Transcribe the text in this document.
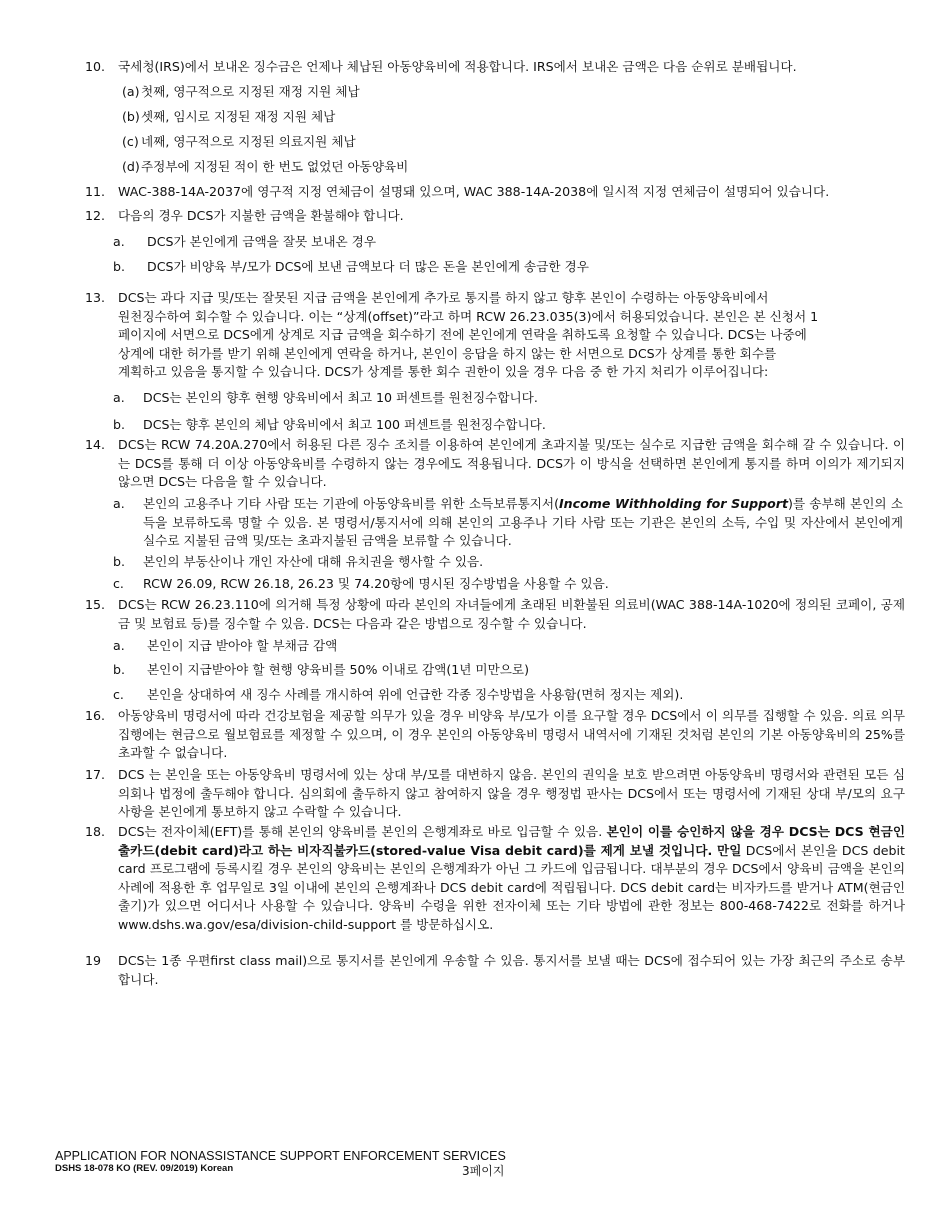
10. 국세청(IRS)에서 보내온 징수금은 언제나 체납된 아동양육비에 적용합니다. IRS에서 보내온 금액은 다음 순위로 분배됩니다.
(a) 첫째, 영구적으로 지정된 재정 지원 체납
(b) 셋째, 임시로 지정된 재정 지원 체납
(c) 네째, 영구적으로 지정된 의료지원 체납
(d) 주정부에 지정된 적이 한 번도 없었던 아동양육비
11. WAC-388-14A-2037에 영구적 지정 연체금이 설명돼 있으며, WAC 388-14A-2038에 일시적 지정 연체금이 설명되어 있습니다.
12. 다음의 경우 DCS가 지불한 금액을 환불해야 합니다.
a. DCS가 본인에게 금액을 잘못 보내온 경우
b. DCS가 비양육 부/모가 DCS에 보낸 금액보다 더 많은 돈을 본인에게 송금한 경우
13. DCS는 과다 지급 및/또는 잘못된 지급 금액을 본인에게 추가로 통지를 하지 않고 향후 본인이 수령하는 아동양육비에서
원천징수하여 회수할 수 있습니다. 이는 “상계(offset)”라고 하며 RCW 26.23.035(3)에서 허용되었습니다. 본인은 본 신청서 1
페이지에 서면으로 DCS에게 상계로 지급 금액을 회수하기 전에 본인에게 연락을 취하도록 요청할 수 있습니다. DCS는 나중에
상계에 대한 허가를 받기 위해 본인에게 연락을 하거나, 본인이 응답을 하지 않는 한 서면으로 DCS가 상계를 통한 회수를
계획하고 있음을 통지할 수 있습니다. DCS가 상계를 통한 회수 권한이 있을 경우 다음 중 한 가지 처리가 이루어집니다:
a. DCS는 본인의 향후 현행 양육비에서 최고 10 퍼센트를 원천징수합니다.
b. DCS는 향후 본인의 체납 양육비에서 최고 100 퍼센트를 원천징수합니다.
14. DCS는 RCW 74.20A.270에서 허용된 다른 징수 조치를 이용하여 본인에게 초과지불 및/또는 실수로 지급한 금액을 회수해 갈 수 있습니다. 이는 DCS를 통해 더 이상 아동양육비를 수령하지 않는 경우에도 적용됩니다. DCS가 이 방식을 선택하면 본인에게 통지를 하며 이의가 제기되지 않으면 DCS는 다음을 할 수 있습니다.
a. 본인의 고용주나 기타 사람 또는 기관에 아동양육비를 위한 소득보류통지서(Income Withholding for Support)를 송부해 본인의 소득을 보류하도록 명할 수 있음. 본 명령서/통지서에 의해 본인의 고용주나 기타 사람 또는 기관은 본인의 소득, 수입 및 자산에서 본인에게 실수로 지불된 금액 및/또는 초과지불된 금액을 보류할 수 있습니다.
b. 본인의 부동산이나 개인 자산에 대해 유치권을 행사할 수 있음.
c. RCW 26.09, RCW 26.18, 26.23 및 74.20항에 명시된 징수방법을 사용할 수 있음.
15. DCS는 RCW 26.23.110에 의거해 특정 상황에 따라 본인의 자녀들에게 초래된 비환불된 의료비(WAC 388-14A-1020에 정의된 코페이, 공제금 및 보험료 등)를 징수할 수 있음. DCS는 다음과 같은 방법으로 징수할 수 있습니다.
a. 본인이 지급 받아야 할 부채금 감액
b. 본인이 지급받아야 할 현행 양육비를 50% 이내로 감액(1년 미만으로)
c. 본인을 상대하여 새 징수 사례를 개시하여 위에 언급한 각종 징수방법을 사용함(면허 정지는 제외).
16. 아동양육비 명령서에 따라 건강보험을 제공할 의무가 있을 경우 비양육 부/모가 이를 요구할 경우 DCS에서 이 의무를 집행할 수 있음. 의료 의무 집행에는 현금으로 월보험료를 제정할 수 있으며, 이 경우 본인의 아동양육비 명령서 내역서에 기재된 것처럼 본인의 기본 아동양육비의 25%를 초과할 수 없습니다.
17. DCS 는 본인을 또는 아동양육비 명령서에 있는 상대 부/모를 대변하지 않음. 본인의 권익을 보호 받으려면 아동양육비 명령서와 관련된 모든 심의회나 법정에 출두해야 합니다. 심의회에 출두하지 않고 참여하지 않을 경우 행정법 판사는 DCS에서 또는 명령서에 기재된 상대 부/모의 요구사항을 본인에게 통보하지 않고 수락할 수 있습니다.
18. DCS는 전자이체(EFT)를 통해 본인의 양육비를 본인의 은행계좌로 바로 입금할 수 있음. 본인이 이를 승인하지 않을 경우 DCS는 DCS 현금인출카드(debit card)라고 하는 비자직불카드(stored-value Visa debit card)를 제게 보낼 것입니다. 만일 DCS에서 본인을 DCS debit card 프로그램에 등록시킬 경우 본인의 양육비는 본인의 은행계좌가 아닌 그 카드에 입금됩니다. 대부분의 경우 DCS에서 양육비 금액을 본인의 사례에 적용한 후 업무일로 3일 이내에 본인의 은행계좌나 DCS debit card에 적립됩니다. DCS debit card는 비자카드를 받거나 ATM(현금인출기)가 있으면 어디서나 사용할 수 있습니다. 양육비 수령을 위한 전자이체 또는 기타 방법에 관한 정보는 800-468-7422로 전화를 하거나 www.dshs.wa.gov/esa/division-child-support 를 방문하십시오.
19 DCS는 1종 우편first class mail)으로 통지서를 본인에게 우송할 수 있음. 통지서를 보낼 때는 DCS에 접수되어 있는 가장 최근의 주소로 송부합니다.
APPLICATION FOR NONASSISTANCE SUPPORT ENFORCEMENT SERVICES
DSHS 18-078 KO (REV. 09/2019) Korean	3페이지
